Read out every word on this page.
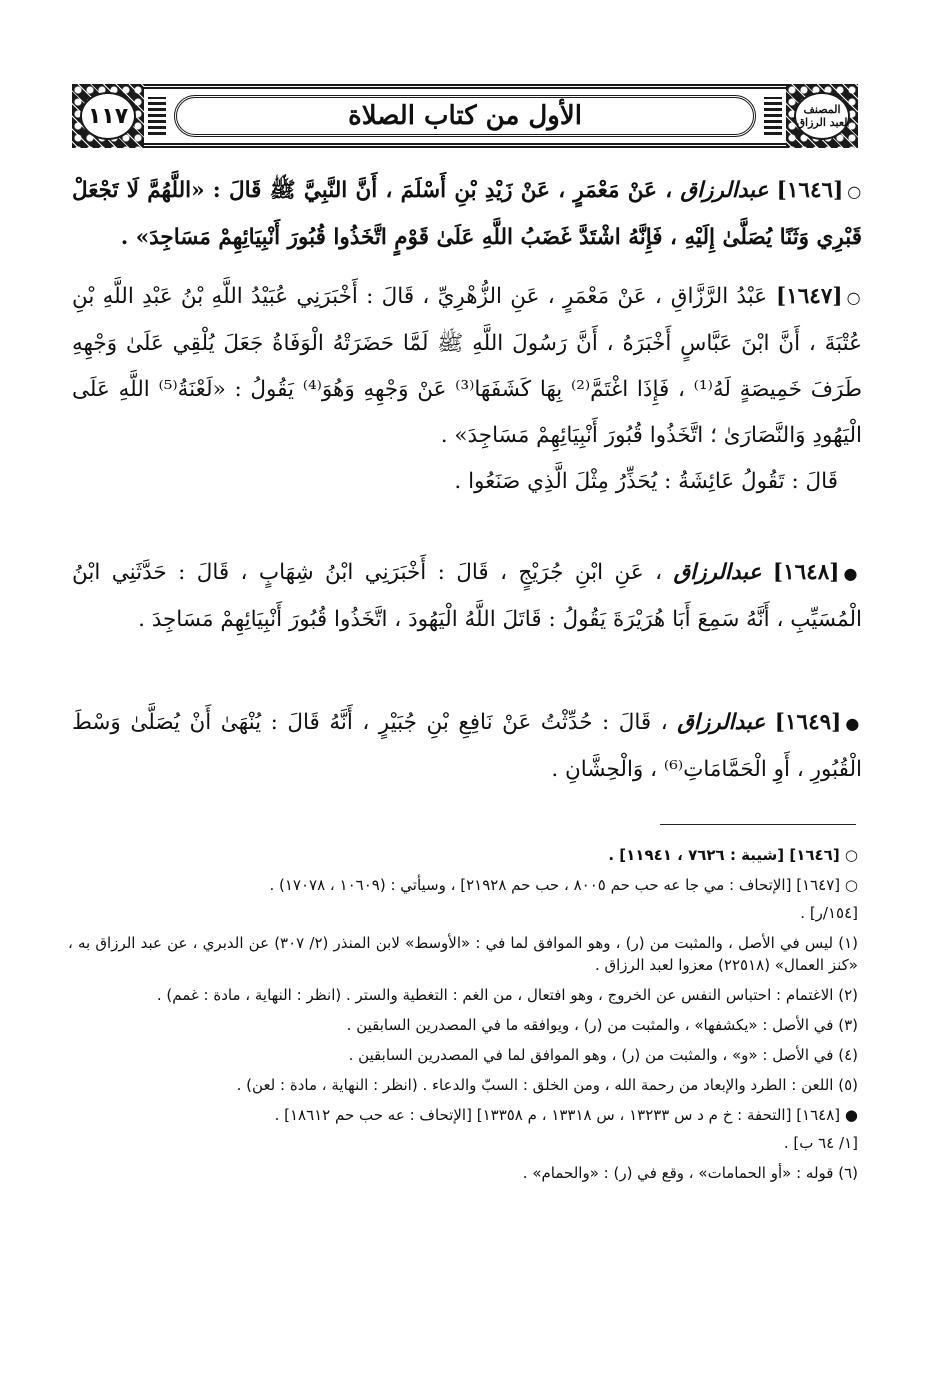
المصنف
لعبد الرزاق
الأول من كتاب الصلاة
١١٧

○[١٦٤٦] عبدالرزاق ، عَنْ مَعْمَرٍ ، عَنْ زَيْدِ بْنِ أَسْلَمَ ، أَنَّ النَّبِيَّ ﷺ قَالَ : «اللَّهُمَّ لَا تَجْعَلْ قَبْرِي وَثَنًا يُصَلَّىٰ إِلَيْهِ ، فَإِنَّهُ اشْتَدَّ غَضَبُ اللَّهِ عَلَىٰ قَوْمٍ اتَّخَذُوا قُبُورَ أَنْبِيَائِهِمْ مَسَاجِدَ» .

○[١٦٤٧] عَبْدُ الرَّزَّاقِ ، عَنْ مَعْمَرٍ ، عَنِ الزُّهْرِيِّ ، قَالَ : أَخْبَرَنِي عُبَيْدُ اللَّهِ بْنُ عَبْدِ اللَّهِ بْنِ عُتْبَةَ ، أَنَّ ابْنَ عَبَّاسٍ أَخْبَرَهُ ، أَنَّ رَسُولَ اللَّهِ ﷺ لَمَّا حَضَرَتْهُ الْوَفَاةُ جَعَلَ يُلْقِي عَلَىٰ وَجْهِهِ طَرَفَ خَمِيصَةٍ لَهُ⁽¹⁾ ، فَإِذَا اغْتَمَّ⁽²⁾ بِهَا كَشَفَهَا⁽³⁾ عَنْ وَجْهِهِ وَهُوَ⁽⁴⁾ يَقُولُ : «لَعْنَةُ⁽⁵⁾ اللَّهِ عَلَى الْيَهُودِ وَالنَّصَارَىٰ ؛ اتَّخَذُوا قُبُورَ أَنْبِيَائِهِمْ مَسَاجِدَ» .

قَالَ : تَقُولُ عَائِشَةُ : يُحَذِّرُ مِثْلَ الَّذِي صَنَعُوا .

●[١٦٤٨] عبدالرزاق ، عَنِ ابْنِ جُرَيْجٍ ، قَالَ : أَخْبَرَنِي ابْنُ شِهَابٍ ، قَالَ : حَدَّثَنِي ابْنُ الْمُسَيِّبِ ، أَنَّهُ سَمِعَ أَبَا هُرَيْرَةَ يَقُولُ : قَاتَلَ اللَّهُ الْيَهُودَ ، اتَّخَذُوا قُبُورَ أَنْبِيَائِهِمْ مَسَاجِدَ .

●[١٦٤٩] عبدالرزاق ، قَالَ : حُدِّثْتُ عَنْ نَافِعِ بْنِ جُبَيْرٍ ، أَنَّهُ قَالَ : يُنْهَىٰ أَنْ يُصَلَّىٰ وَسْطَ الْقُبُورِ ، أَوِ الْحَمَّامَاتِ⁽⁶⁾ ، وَالْحِشَّانِ .

○ [١٦٤٦] [شيبة : ٧٦٢٦ ، ١١٩٤١] .

○ [١٦٤٧] [الإتحاف : مي جا عه حب حم ٨٠٠٥ ، حب حم ٢١٩٢٨] ، وسيأتي : (١٠٦٠٩ ، ١٧٠٧٨) .

[١٥٤/ر] .

(١) ليس في الأصل ، والمثبت من (ر) ، وهو الموافق لما في : «الأوسط» لابن المنذر (٢/ ٣٠٧) عن الدبري ، عن عبد الرزاق به ، «كنز العمال» (٢٢٥١٨) معزوا لعبد الرزاق .

(٢) الاغتمام : احتباس النفس عن الخروج ، وهو افتعال ، من الغم : التغطية والستر . (انظر : النهاية ، مادة : غمم) .

(٣) في الأصل : «يكشفها» ، والمثبت من (ر) ، ويوافقه ما في المصدرين السابقين .

(٤) في الأصل : «و» ، والمثبت من (ر) ، وهو الموافق لما في المصدرين السابقين .

(٥) اللعن : الطرد والإبعاد من رحمة الله ، ومن الخلق : السبّ والدعاء . (انظر : النهاية ، مادة : لعن) .

● [١٦٤٨] [التحفة : خ م د س ١٣٢٣٣ ، س ١٣٣١٨ ، م ١٣٣٥٨] [الإتحاف : عه حب حم ١٨٦١٢] .

[١/ ٦٤ ب] .

(٦) قوله : «أو الحمامات» ، وقع في (ر) : «والحمام» .
